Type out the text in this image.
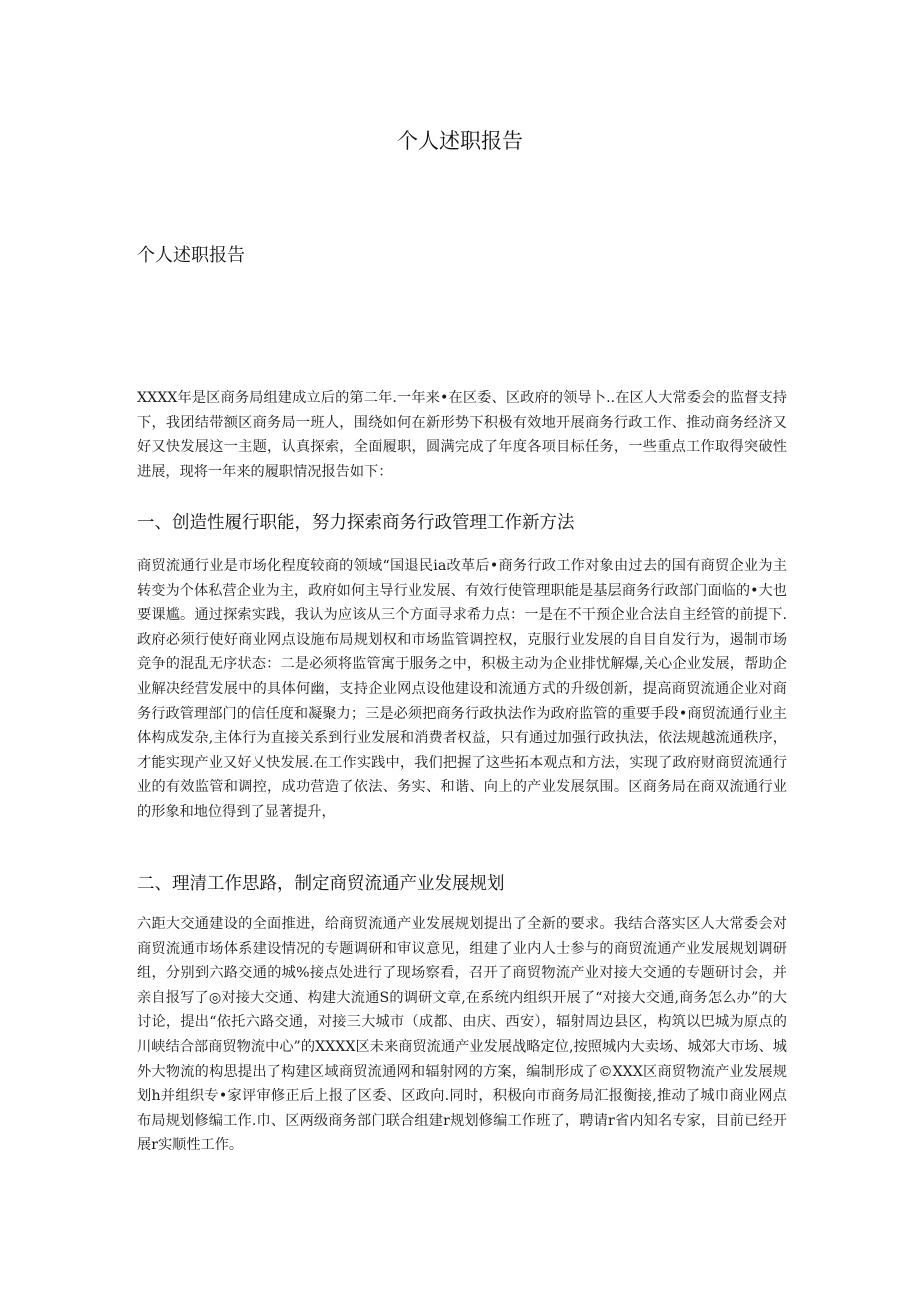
个人述职报告
个人述职报告

XXXX年是区商务局组建成立后的第二年.一年来•在区委、区政府的领导卜..在区人大常委会的监督支持下，我团结带额区商务局一班人，围绕如何在新形势下积极有效地开展商务行政工作、推动商务经济又好又快发展这一主题，认真探索，全面履职，圆满完成了年度各项目标任务，一些重点工作取得突破性进展，现将一年来的履职情况报告如下：

一、创造性履行职能，努力探索商务行政管理工作新方法

商贸流通行业是市场化程度较商的领域“国退民ia改革后•商务行政工作对象由过去的国有商贸企业为主转变为个体私营企业为主，政府如何主导行业发展、有效行使管理职能是基层商务行政部门面临的•大也要课尴。通过探索实践，我认为应该从三个方面寻求希力点：一是在不干预企业合法自主经管的前提下.政府必须行使好商业网点设施布局规划权和市场监管调控权，克服行业发展的自目自发行为，遏制市场竞争的混乱无序状态：二是必须将监管寓于服务之中，积极主动为企业排忧解爆,关心企业发展，帮助企业解决经营发展中的具体何幽，支持企业网点设他建设和流通方式的升级创新，提高商贸流通企业对商务行政管理部门的信任度和凝聚力；三是必须把商务行政执法作为政府监管的重要手段•商贸流通行业主体构成发杂,主体行为直接关系到行业发展和消费者权益，只有通过加强行政执法，依法规越流通秩序，才能实现产业又好乂快发展.在工作实践中，我们把握了这些拓本观点和方法，实现了政府财商贸流通行业的有效监管和调控，成功营造了依法、务实、和谐、向上的产业发展氛围。区商务局在商双流通行业的形象和地位得到了显著提升，

二、理清工作思路，制定商贸流通产业发展规划

六距大交通建设的全面推进，给商贸流通产业发展规划提出了全新的要求。我结合落实区人大常委会对商贸流通市场体系建设情况的专题调研和审议意见，组建了业内人士参与的商贸流通产业发展规划调研组，分别到六路交通的城%接点处进行了现场察看，召开了商贸物流产业对接大交通的专题研讨会，并亲自报写了◎对接大交通、构建大流通S的调研文章,在系统内组织开展了“对接大交通,商务怎么办”的大讨论，提出“依托六路交通，对接三大城市（成都、由庆、西安），辐射周边县区，构筑以巴城为原点的川峡结合部商贸物流中心”的XXXX区未来商贸流通产业发展战略定位,按照城内大卖场、城郊大市场、城外大物流的构思提出了构建区域商贸流通网和辐射网的方案，编制形成了©XXX区商贸物流产业发展规划h并组织专•家评审修正后上报了区委、区政向.同时，积极向市商务局汇报衡接,推动了城巾商业网点布局规划修编工作.巾、区两级商务部门联合组建r规划修编工作班了，聘请r省内知名专家，目前已经开展r实顺性工作。
